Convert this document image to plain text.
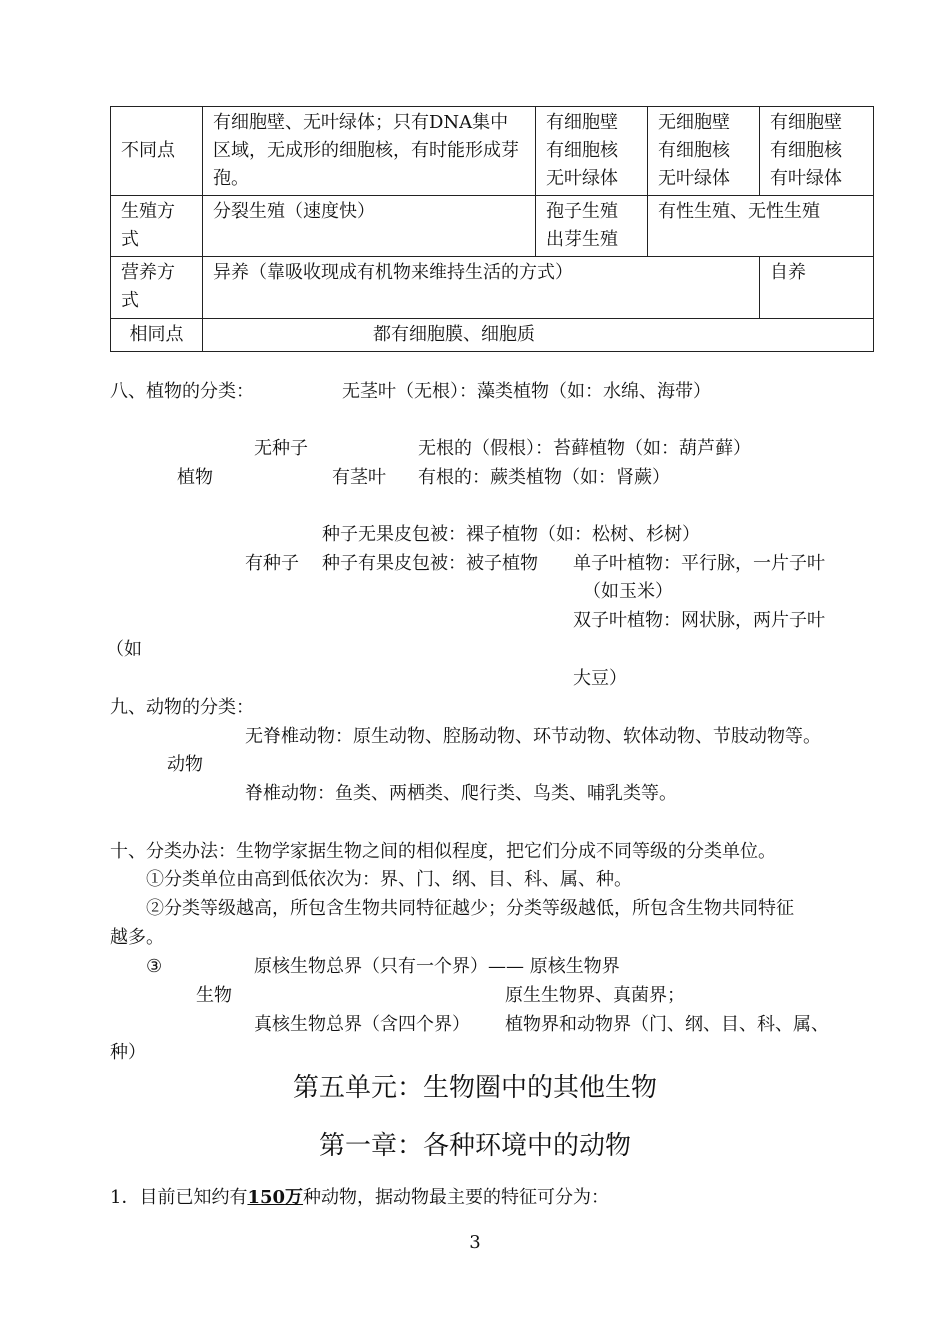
不同点	有细胞壁、无叶绿体；只有DNA集中区域，无成形的细胞核，有时能形成芽孢。	有细胞壁 有细胞核 无叶绿体	无细胞壁 有细胞核 无叶绿体	有细胞壁 有细胞核 有叶绿体
生殖方式	分裂生殖（速度快）	孢子生殖 出芽生殖	有性生殖、无性生殖	
营养方式	异养（靠吸收现成有机物来维持生活的方式）			自养
相同点	都有细胞膜、细胞质			
八、植物的分类：	无茎叶（无根）：藻类植物（如：水绵、海带）
无种子	无根的（假根）：苔藓植物（如：葫芦藓）
植物	有茎叶 有根的：蕨类植物（如：肾蕨）
种子无果皮包被：裸子植物（如：松树、杉树）
有种子 种子有果皮包被：被子植物 单子叶植物：平行脉，一片子叶
（如玉米）
双子叶植物：网状脉，两片子叶
（如
大豆）
九、动物的分类：
无脊椎动物：原生动物、腔肠动物、环节动物、软体动物、节肢动物等。
动物
脊椎动物：鱼类、两栖类、爬行类、鸟类、哺乳类等。
十、分类办法：生物学家据生物之间的相似程度，把它们分成不同等级的分类单位。
①分类单位由高到低依次为：界、门、纲、目、科、属、种。
②分类等级越高，所包含生物共同特征越少；分类等级越低，所包含生物共同特征
越多。
③	原核生物总界（只有一个界）—— 原核生物界
生物	原生生物界、真菌界；
真核生物总界（含四个界） 植物界和动物界（门、纲、目、科、属、
种）
第五单元：生物圈中的其他生物
第一章：各种环境中的动物
1．目前已知约有150万种动物，据动物最主要的特征可分为：
3
